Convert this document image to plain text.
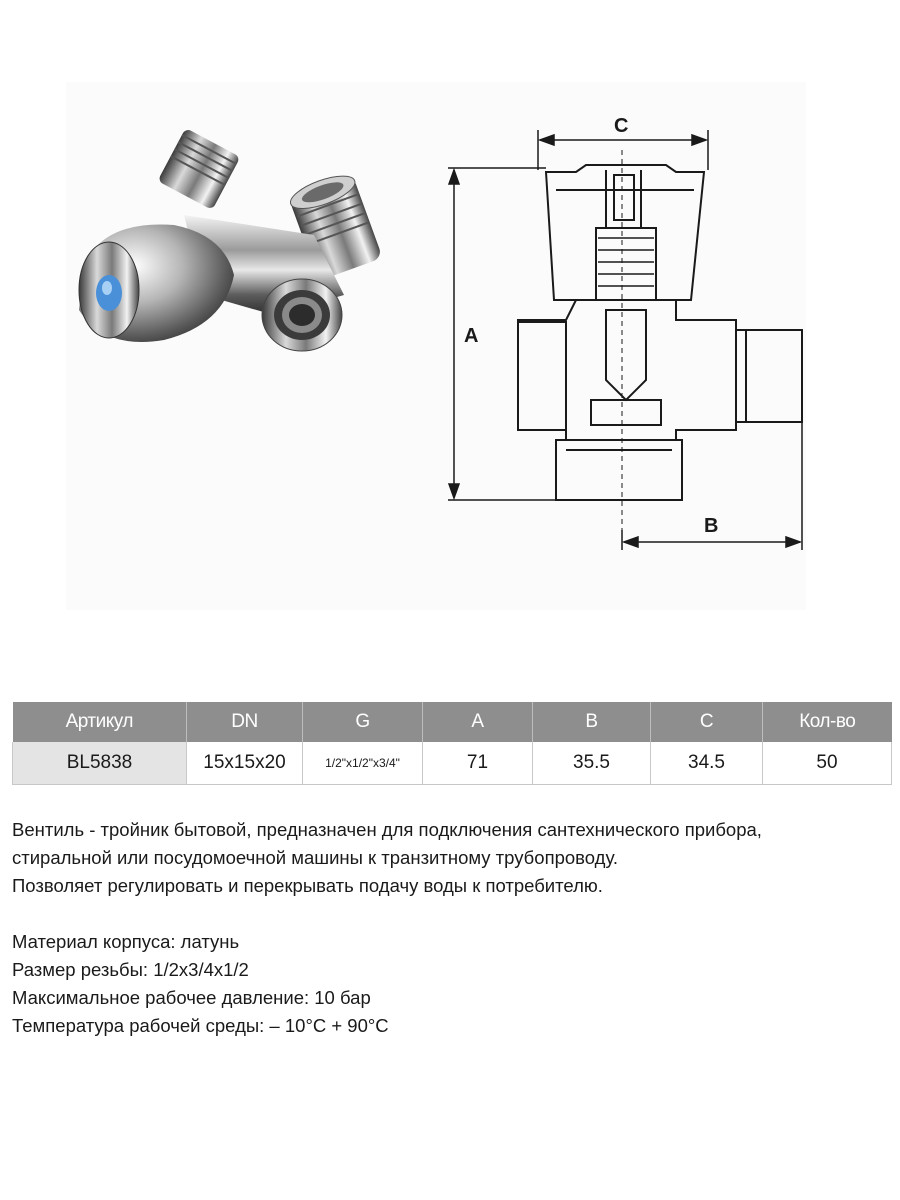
A
B
C
Артикул	DN	G	A	B	C	Кол-во
BL5838	15x15x20	1/2"x1/2"x3/4"	71	35.5	34.5	50

Вентиль - тройник бытовой, предназначен для подключения сантехнического прибора,

стиральной или посудомоечной машины к транзитному трубопроводу.

Позволяет регулировать и перекрывать подачу воды к потребителю.

Материал корпуса: латунь

Размер резьбы: 1/2х3/4х1/2

Максимальное рабочее давление: 10 бар

Температура рабочей среды: – 10°С + 90°С
